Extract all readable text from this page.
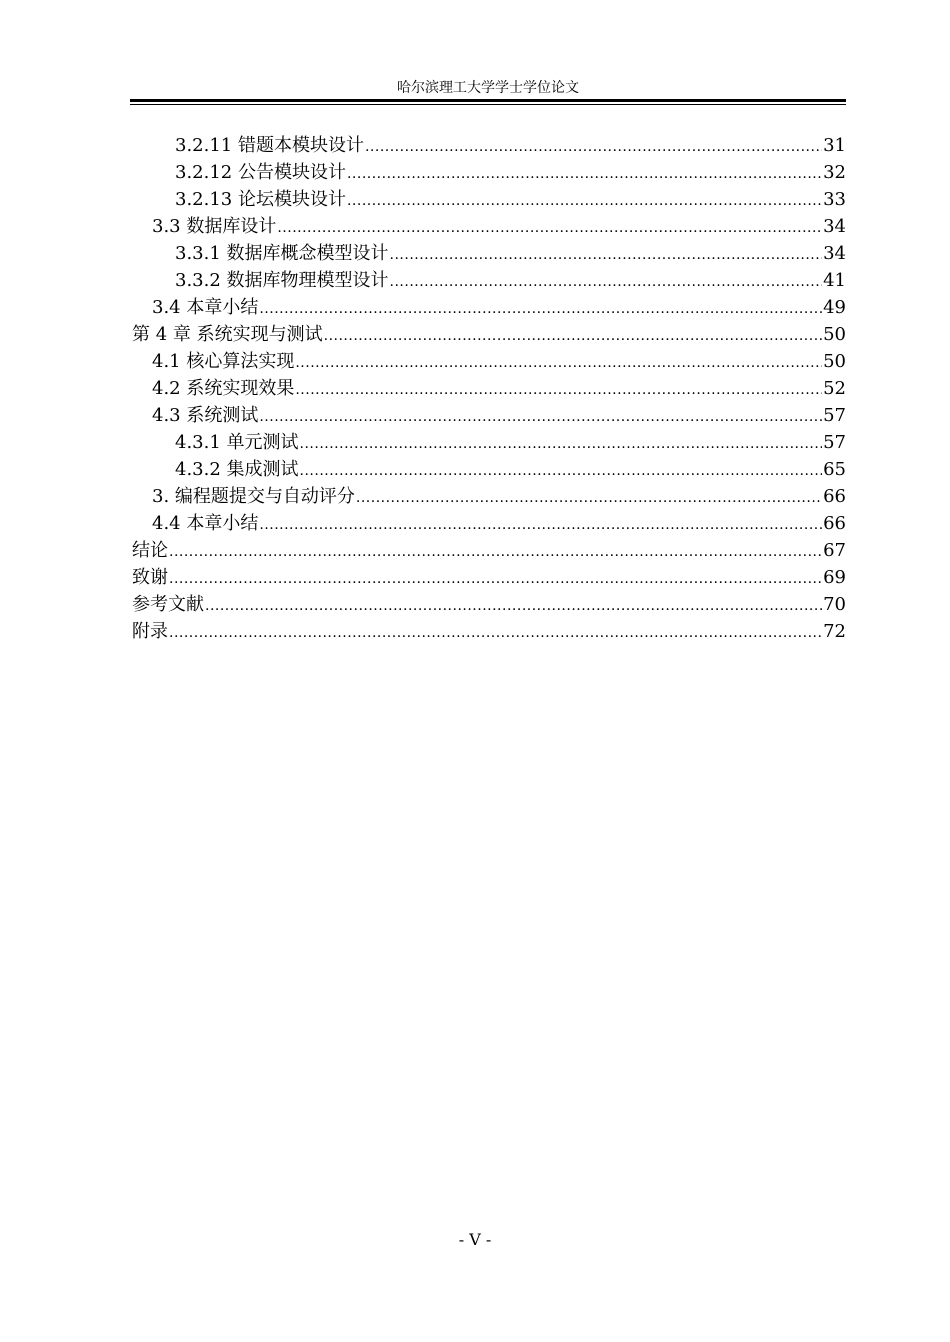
哈尔滨理工大学学士学位论文
3.2.11 错题本模块设计 .....	31
3.2.12 公告模块设计 .....	32
3.2.13 论坛模块设计 .....	33
3.3 数据库设计 .....	34
3.3.1 数据库概念模型设计 .....	34
3.3.2 数据库物理模型设计 .....	41
3.4 本章小结 .....	49
第 4 章 系统实现与测试 .....	50
4.1 核心算法实现 .....	50
4.2 系统实现效果 .....	52
4.3 系统测试 .....	57
4.3.1 单元测试 .....	57
4.3.2 集成测试 .....	65
3. 编程题提交与自动评分 .....	66
4.4 本章小结 .....	66
结论 .....	67
致谢 .....	69
参考文献 .....	70
附录 .....	72
- V -
